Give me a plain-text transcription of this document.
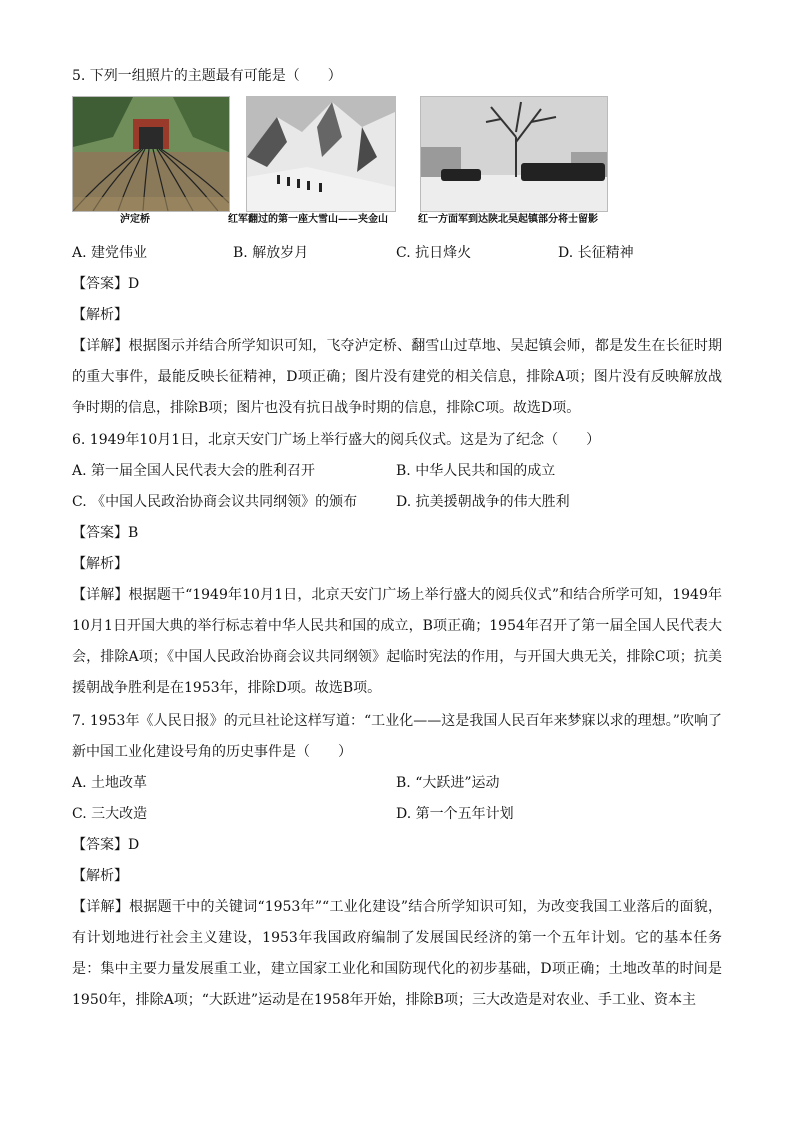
5. 下列一组照片的主题最有可能是（　　）
泸定桥	红军翻过的第一座大雪山——夹金山	红一方面军到达陕北吴起镇部分将士留影
A. 建党伟业	B. 解放岁月	C. 抗日烽火	D. 长征精神
【答案】D
【解析】
【详解】根据图示并结合所学知识可知，飞夺泸定桥、翻雪山过草地、吴起镇会师，都是发生在长征时期的重大事件，最能反映长征精神，D项正确；图片没有建党的相关信息，排除A项；图片没有反映解放战争时期的信息，排除B项；图片也没有抗日战争时期的信息，排除C项。故选D项。
6. 1949年10月1日，北京天安门广场上举行盛大的阅兵仪式。这是为了纪念（　　）
A. 第一届全国人民代表大会的胜利召开	B. 中华人民共和国的成立
C. 《中国人民政治协商会议共同纲领》的颁布	D. 抗美援朝战争的伟大胜利
【答案】B
【解析】
【详解】根据题干“1949年10月1日，北京天安门广场上举行盛大的阅兵仪式”和结合所学可知，1949年10月1日开国大典的举行标志着中华人民共和国的成立，B项正确；1954年召开了第一届全国人民代表大会，排除A项；《中国人民政治协商会议共同纲领》起临时宪法的作用，与开国大典无关，排除C项；抗美援朝战争胜利是在1953年，排除D项。故选B项。
7. 1953年《人民日报》的元旦社论这样写道：“工业化——这是我国人民百年来梦寐以求的理想。”吹响了新中国工业化建设号角的历史事件是（　　）
A. 土地改革	B. “大跃进”运动
C. 三大改造	D. 第一个五年计划
【答案】D
【解析】
【详解】根据题干中的关键词“1953年”“工业化建设”结合所学知识可知，为改变我国工业落后的面貌，有计划地进行社会主义建设，1953年我国政府编制了发展国民经济的第一个五年计划。它的基本任务是：集中主要力量发展重工业，建立国家工业化和国防现代化的初步基础，D项正确；土地改革的时间是1950年，排除A项；“大跃进”运动是在1958年开始，排除B项；三大改造是对农业、手工业、资本主
